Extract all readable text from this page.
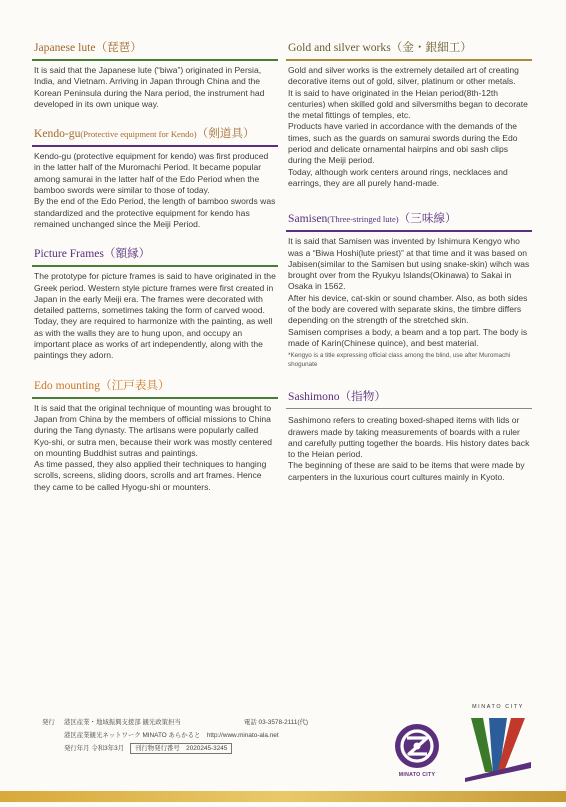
Japanese lute（琵琶）

It is said that the Japanese lute (“biwa”) originated in Persia, India, and Vietnam. Arriving in Japan through China and the Korean Peninsula during the Nara period, the instrument had developed in its own unique way.

Kendo-gu(Protective equipment for Kendo)（剣道具）

Kendo-gu (protective equipment for kendo) was first produced in the latter half of the Muromachi Period. It became popular among samurai in the latter half of the Edo Period when the bamboo swords were similar to those of today.

By the end of the Edo Period, the length of bamboo swords was standardized and the protective equipment for kendo has remained unchanged since the Meiji Period.

Picture Frames（額縁）

The prototype for picture frames is said to have originated in the Greek period. Western style picture frames were first created in Japan in the early Meiji era. The frames were decorated with detailed patterns, sometimes taking the form of carved wood.

Today, they are required to harmonize with the painting, as well as with the walls they are to hung upon, and occupy an important place as works of art independently, along with the paintings they adorn.

Edo mounting（江戸表具）

It is said that the original technique of mounting was brought to Japan from China by the members of official missions to China during the Tang dynasty. The artisans were popularly called Kyo-shi, or sutra men, because their work was mostly centered on mounting Buddhist sutras and paintings.

As time passed, they also applied their techniques to hanging scrolls, screens, sliding doors, scrolls and art frames. Hence they came to be called Hyogu-shi or mounters.

Gold and silver works（金・銀細工）

Gold and silver works is the extremely detailed art of creating decorative items out of gold, silver, platinum or other metals.

It is said to have originated in the Heian period(8th-12th centuries) when skilled gold and silversmiths began to decorate the metal fittings of temples, etc.

Products have varied in accordance with the demands of the times, such as the guards on samurai swords during the Edo period and delicate ornamental hairpins and obi sash clips during the Meiji period.

Today, although work centers around rings, necklaces and earrings, they are all purely hand-made.

Samisen(Three-stringed lute)（三味線）

It is said that Samisen was invented by Ishimura Kengyo who was a “Biwa Hoshi(lute priest)” at that time and it was based on Jabisen(similar to the Samisen but using snake-skin) wihch was brought over from the Ryukyu Islands(Okinawa) to Sakai in Osaka in 1562.

After his device, cat-skin or sound chamber. Also, as both sides of the body are covered with separate skins, the timbre differs depending on the strength of the stretched skin.

Samisen comprises a body, a beam and a top part. The body is made of Karin(Chinese quince), and best material.

*Kengyo is a title expressing official class among the blind, use after Muromachi shogunate
Sashimono（指物）

Sashimono refers to creating boxed-shaped items with lids or drawers made by taking measurements of boards with a ruler and carefully putting together the boards. His history dates back to the Heian period.

The beginning of these are said to be items that were made by carpenters in the luxurious court cultures mainly in Kyoto.

発行	港区産業・地域振興支援部 観光政策担当	電話 03-3578-2111(代)
港区産業観光ネットワーク MINATO あらかると　http://www.minato-ala.net
発行年月 令和3年3月	刊行物発行番号　2020245-3245
MINATO CITY
MINATO CITY
